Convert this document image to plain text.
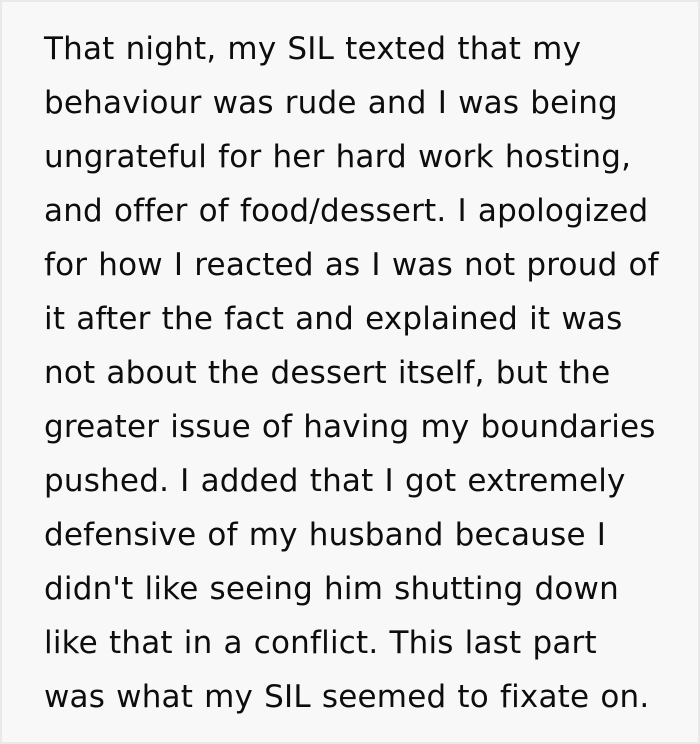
That night, my SIL texted that my behaviour was rude and I was being ungrateful for her hard work hosting, and offer of food/dessert. I apologized for how I reacted as I was not proud of it after the fact and explained it was not about the dessert itself, but the greater issue of having my boundaries pushed. I added that I got extremely defensive of my husband because I didn't like seeing him shutting down like that in a conflict. This last part was what my SIL seemed to fixate on.
